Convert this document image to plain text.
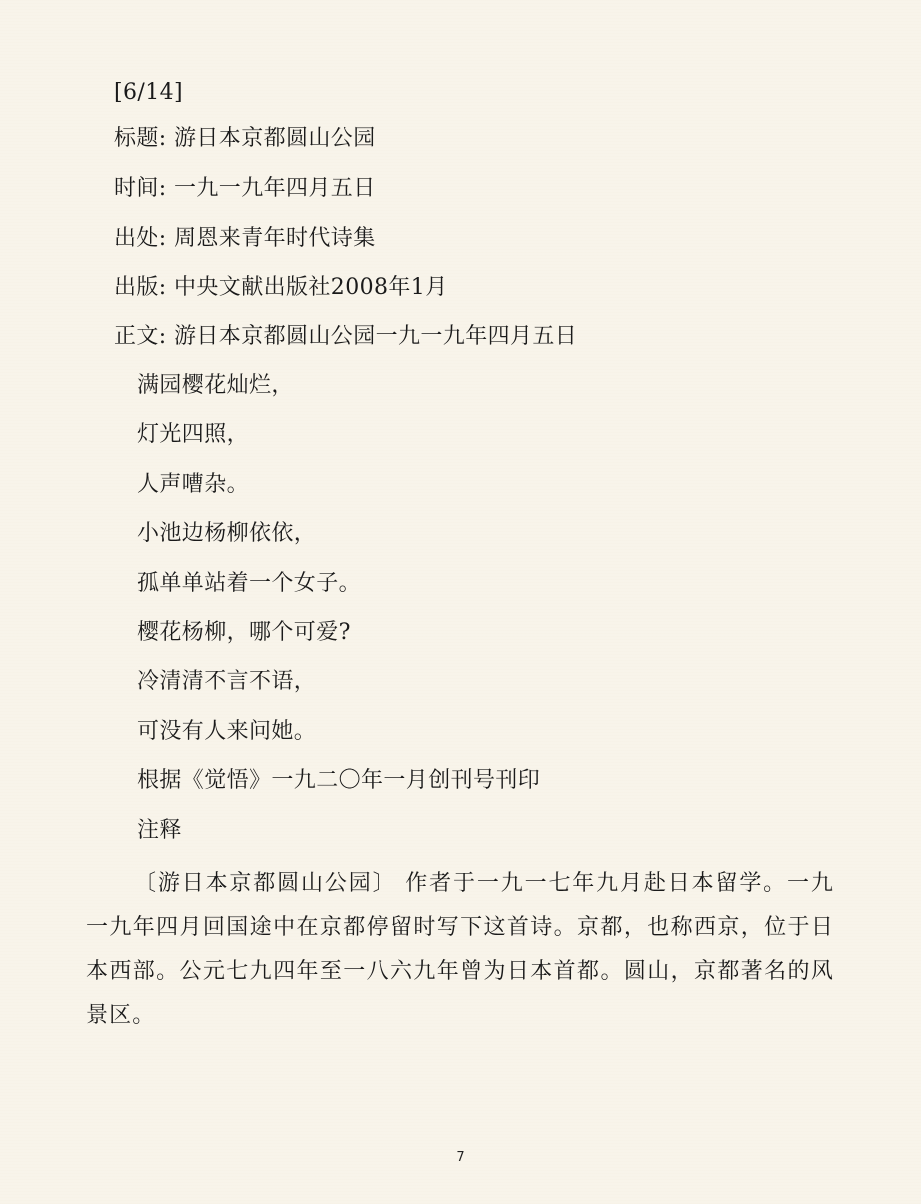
[6/14]

标题: 游日本京都圆山公园

时间: 一九一九年四月五日

出处: 周恩来青年时代诗集

出版: 中央文献出版社2008年1月

正文: 游日本京都圆山公园一九一九年四月五日

满园樱花灿烂，

灯光四照，

人声嘈杂。

小池边杨柳依依，

孤单单站着一个女子。

樱花杨柳，哪个可爱?

冷清清不言不语，

可没有人来问她。

根据《觉悟》一九二〇年一月创刊号刊印

注释

〔游日本京都圆山公园〕 作者于一九一七年九月赴日本留学。一九一九年四月回国途中在京都停留时写下这首诗。京都，也称西京，位于日本西部。公元七九四年至一八六九年曾为日本首都。圆山，京都著名的风景区。

7
